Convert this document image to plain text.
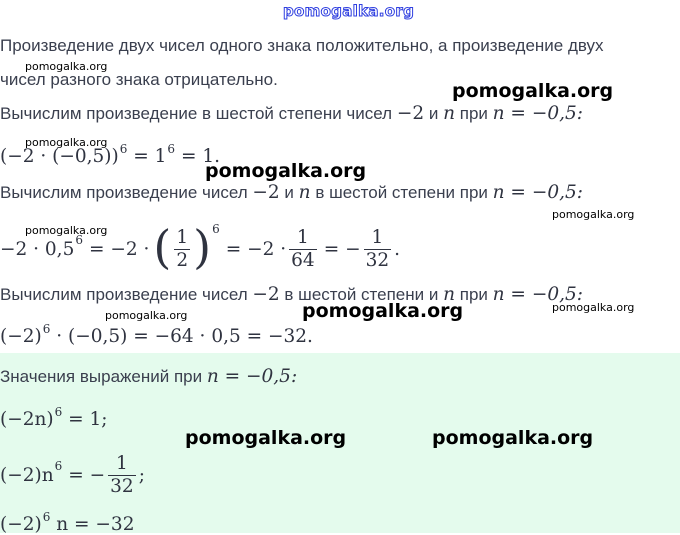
pomogalka.org
Произведение двух чисел одного знака положительно, а произведение двух
чисел разного знака отрицательно.
Вычислим произведение в шестой степени чисел −2 и n при n = −0,5:
$(-2 \cdot (-0,5))^6 = 1^6 = 1$.
Вычислим произведение чисел −2 и n в шестой степени при n = −0,5:
−2 · 0,5 6 = −2 · ( $\frac{1}{2}$ ) 6
= $-2 \cdot \frac{1}{64}$ = − $\frac{1}{32}$ .
Вычислим произведение чисел −2 в шестой степени и n при n = −0,5:
$(-2)^6 \cdot (-0,5) = -64 \cdot 0,5 = -32$.
Значения выражений при n = −0,5:
$(-2n)^6 = 1$;
(−2)n 6 = − $\frac{1}{32}$ ;
$(-2)^6$ n = −32
pomogalka.org
pomogalka.org
pomogalka.org
pomogalka.org
pomogalka.org
pomogalka.org
pomogalka.org	pomogalka.org
pomogalka.org
pomogalka.org	pomogalka.org
